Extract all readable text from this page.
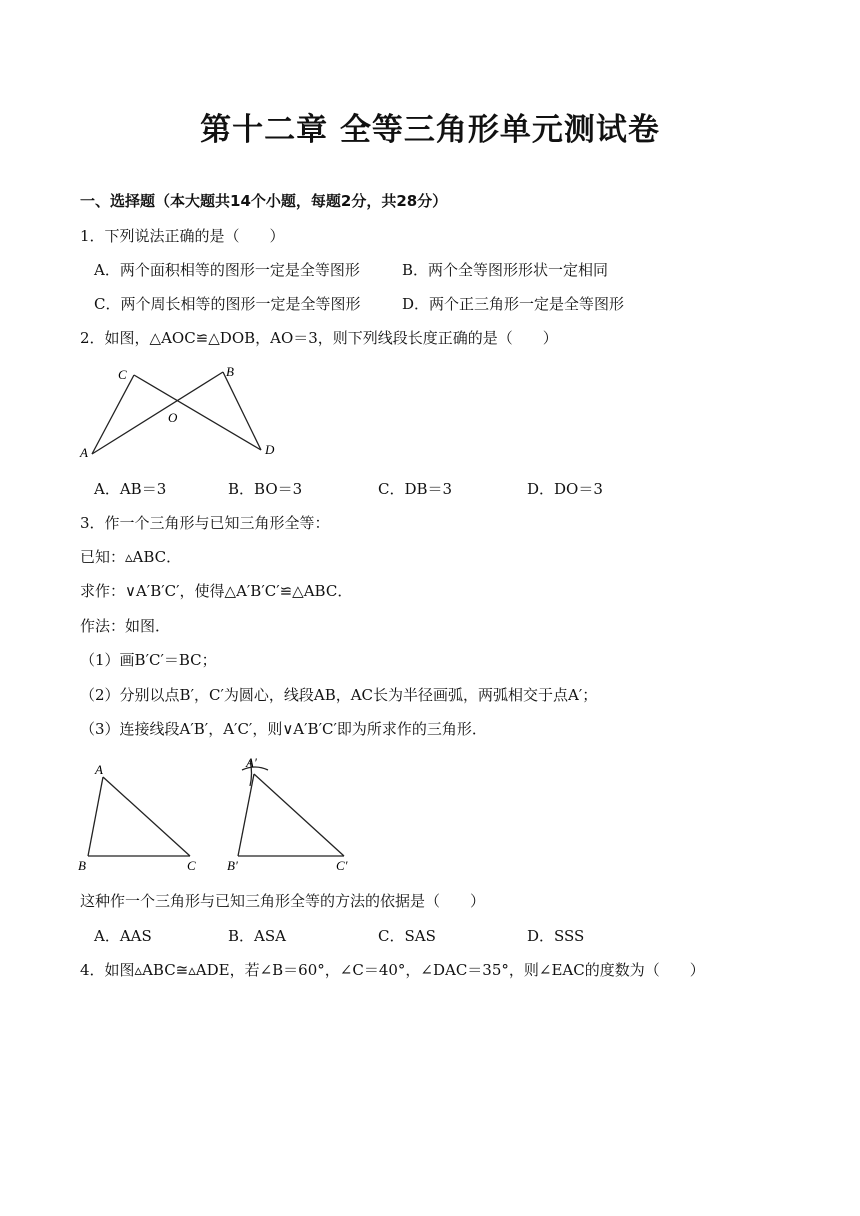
第十二章 全等三角形单元测试卷
一、选择题（本大题共14个小题，每题2分，共28分）
1．下列说法正确的是（　　）
A．两个面积相等的图形一定是全等图形	B．两个全等图形形状一定相同
C．两个周长相等的图形一定是全等图形	D．两个正三角形一定是全等图形
2．如图，△AOC≌△DOB，AO＝3，则下列线段长度正确的是（　　）
A
C	B
D
O
A．AB＝3	B．BO＝3	C．DB＝3	D．DO＝3
3．作一个三角形与已知三角形全等：
已知：▵ABC．
求作：∨A′B′C′，使得△A′B′C′≌△ABC．
作法：如图．
（1）画B′C′＝BC；
（2）分别以点B′，C′为圆心，线段AB，AC长为半径画弧，两弧相交于点A′；
（3）连接线段A′B′，A′C′，则∨A′B′C′即为所求作的三角形．
A
B	C
A′
B′	C′
这种作一个三角形与已知三角形全等的方法的依据是（　　）
A．AAS	B．ASA	C．SAS	D．SSS
4．如图▵ABC≅▵ADE，若∠B＝60°，∠C＝40°，∠DAC＝35°，则∠EAC的度数为（　　）
